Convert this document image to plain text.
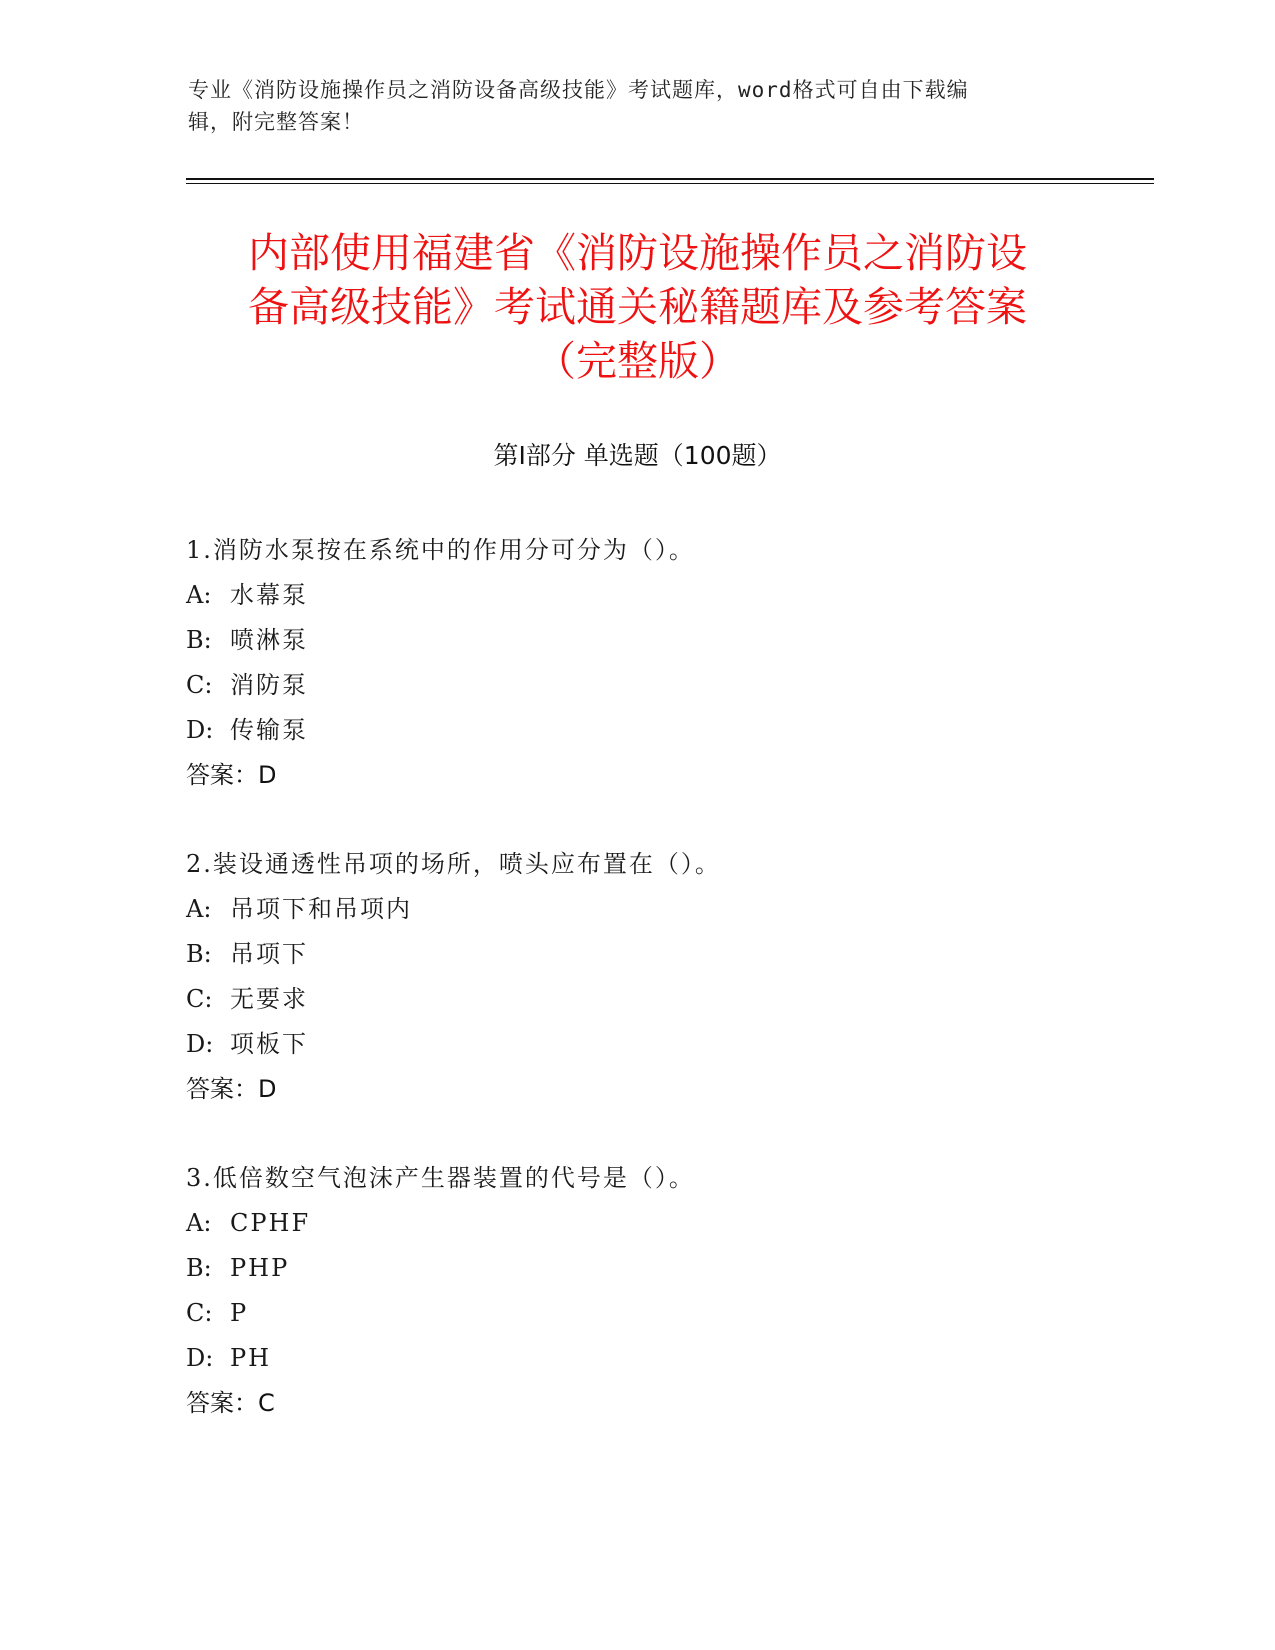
专业《消防设施操作员之消防设备高级技能》考试题库，word格式可自由下载编
辑，附完整答案！
内部使用福建省《消防设施操作员之消防设
备高级技能》考试通关秘籍题库及参考答案
（完整版）
第Ⅰ部分 单选题（100题）
1.消防水泵按在系统中的作用分可分为（）。
A: 水幕泵
B: 喷淋泵
C: 消防泵
D: 传输泵
答案：D
2.装设通透性吊项的场所，喷头应布置在（）。
A: 吊项下和吊项内
B: 吊项下
C: 无要求
D: 项板下
答案：D
3.低倍数空气泡沫产生器装置的代号是（）。
A: CPHF
B: PHP
C: P
D: PH
答案：C
